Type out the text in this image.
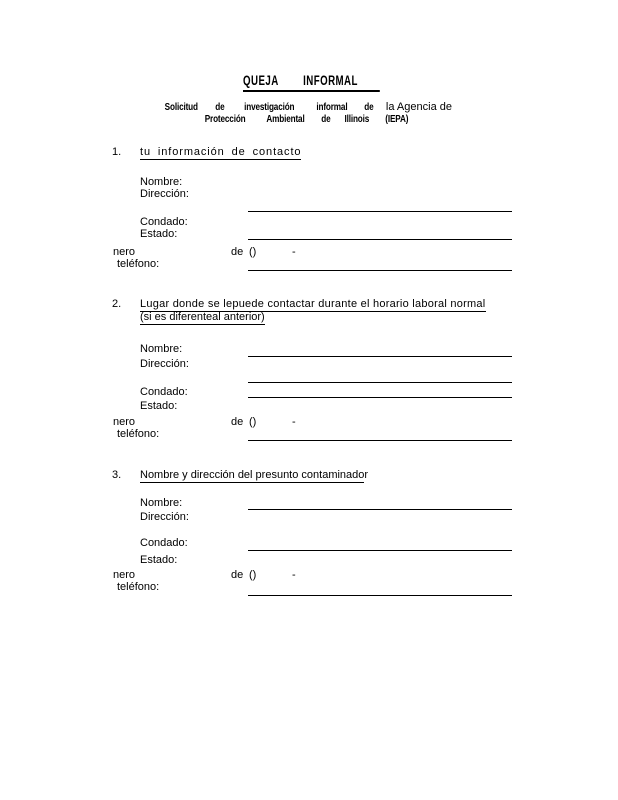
QUEJA INFORMAL
Solicitud de investigación informal de la Agencia de
Protección Ambiental de Illinois (IEPA)
1. tu información de contacto
Nombre:
Dirección:
Condado:
Estado:
nero	de ()	-
teléfono:
2. Lugar donde se lepuede contactar durante el horario laboral normal
(si es diferenteal anterior)
Nombre:
Dirección:
Condado:
Estado:
nero	de ()	-
teléfono:
3. Nombre y dirección del presunto contaminador
Nombre:
Dirección:
Condado:
Estado:
nero	de ()	-
teléfono:
